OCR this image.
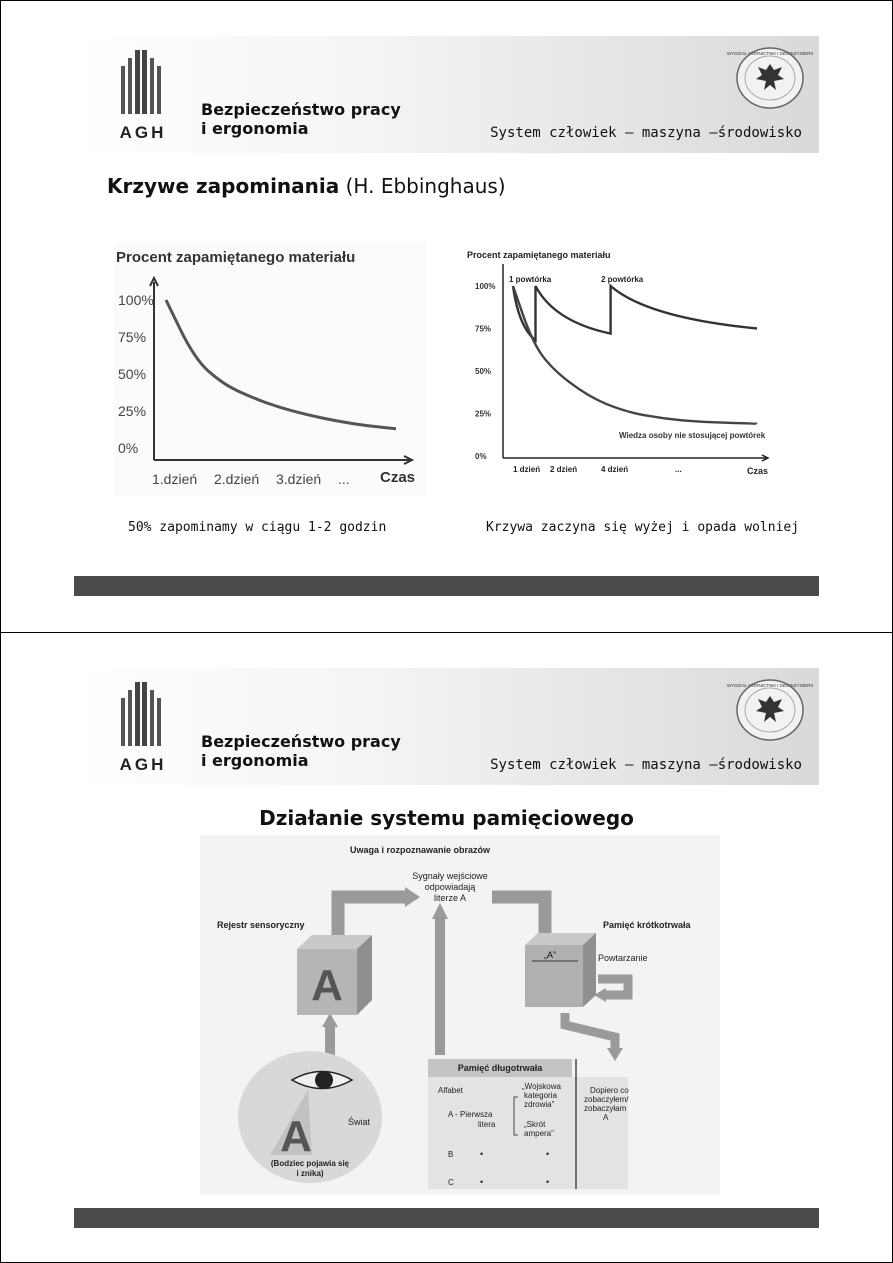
AGH
Bezpieczeństwo pracy
i ergonomia	System człowiek – maszyna –środowisko
WYDZIAŁ GÓRNICTWA I GEOINŻYNIERII
Krzywe zapominania (H. Ebbinghaus)
Procent zapamiętanego materiału
100%
75%
50%
25%
0%
1.dzień 2.dzień 3.dzień ... Czas
Procent zapamiętanego materiału
100%
75%
50%
25%
0%
1 dzień 2 dzień	4 dzień	...
1 powtórka	2 powtórka
Wiedza osoby nie stosującej powtórek
Czas
50% zapominamy w ciągu 1-2 godzin	Krzywa zaczyna się wyżej i opada wolniej
AGH
Bezpieczeństwo pracy
i ergonomia	System człowiek – maszyna –środowisko
WYDZIAŁ GÓRNICTWA I GEOINŻYNIERII
Działanie systemu pamięciowego
Uwaga i rozpoznawanie obrazów
Sygnały wejściowe
odpowiadają
literze A
Rejestr sensoryczny
A
Pamięć krótkotrwała
„A”	Powtarzanie
A	Świat
(Bodziec pojawia się
i znika)
Pamięć długotrwała
Alfabet
A - Pierwsza
litera
„Wojskowa
kategoria
zdrowia”
„Skrót
ampera”
Dopiero co
zobaczyłem/
zobaczyłam
A
B	•	•
C	•	•
